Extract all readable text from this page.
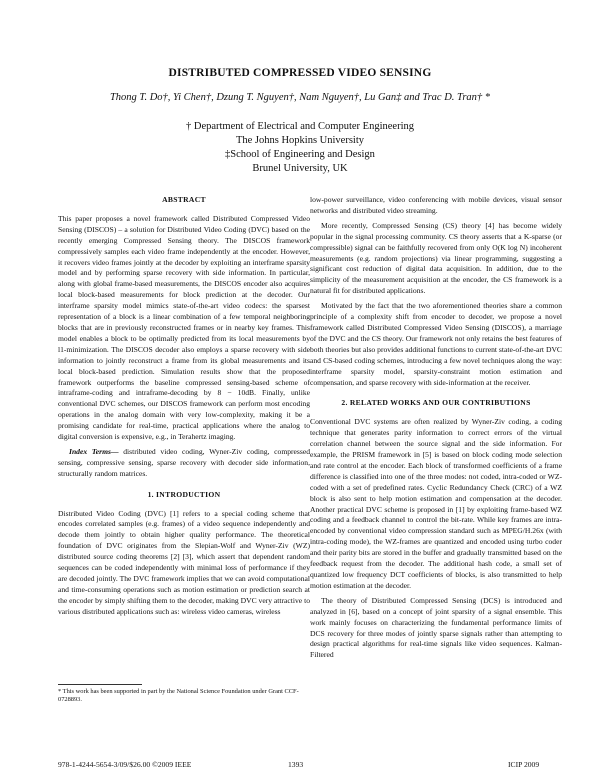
DISTRIBUTED COMPRESSED VIDEO SENSING
Thong T. Do†, Yi Chen†, Dzung T. Nguyen†, Nam Nguyen†, Lu Gan‡ and Trac D. Tran† *
† Department of Electrical and Computer Engineering
The Johns Hopkins University
‡School of Engineering and Design
Brunel University, UK
ABSTRACT

This paper proposes a novel framework called Distributed Compressed Video Sensing (DISCOS) – a solution for Distributed Video Coding (DVC) based on the recently emerging Compressed Sensing theory. The DISCOS framework compressively samples each video frame independently at the encoder. However, it recovers video frames jointly at the decoder by exploiting an interframe sparsity model and by performing sparse recovery with side information. In particular, along with global frame-based measurements, the DISCOS encoder also acquires local block-based measurements for block prediction at the decoder. Our interframe sparsity model mimics state-of-the-art video codecs: the sparsest representation of a block is a linear combination of a few temporal neighboring blocks that are in previously reconstructed frames or in nearby key frames. This model enables a block to be optimally predicted from its local measurements by l1-minimization. The DISCOS decoder also employs a sparse recovery with side information to jointly reconstruct a frame from its global measurements and its local block-based prediction. Simulation results show that the proposed framework outperforms the baseline compressed sensing-based scheme of intraframe-coding and intraframe-decoding by 8 − 10dB. Finally, unlike conventional DVC schemes, our DISCOS framework can perform most encoding operations in the analog domain with very low-complexity, making it be a promising candidate for real-time, practical applications where the analog to digital conversion is expensive, e.g., in Terahertz imaging.

Index Terms— distributed video coding, Wyner-Ziv coding, compressed sensing, compressive sensing, sparse recovery with decoder side information, structurally random matrices.

1. INTRODUCTION

Distributed Video Coding (DVC) [1] refers to a special coding scheme that encodes correlated samples (e.g. frames) of a video sequence independently and decode them jointly to obtain higher quality performance. The theoretical foundation of DVC originates from the Slepian-Wolf and Wyner-Ziv (WZ) distributed source coding theorems [2] [3], which assert that dependent random sequences can be coded independently with minimal loss of performance if they are decoded jointly. The DVC framework implies that we can avoid computational and time-consuming operations such as motion estimation or prediction search at the encoder by simply shifting them to the decoder, making DVC very attractive to various distributed applications such as: wireless video cameras, wireless

* This work has been supported in part by the National Science Foundation under Grant CCF-0728893.

low-power surveillance, video conferencing with mobile devices, visual sensor networks and distributed video streaming.

More recently, Compressed Sensing (CS) theory [4] has become widely popular in the signal processing community. CS theory asserts that a K-sparse (or compressible) signal can be faithfully recovered from only O(K log N) incoherent measurements (e.g. random projections) via linear programming, suggesting a significant cost reduction of digital data acquisition. In addition, due to the simplicity of the measurement acquisition at the encoder, the CS framework is a natural fit for distributed applications.

Motivated by the fact that the two aforementioned theories share a common principle of a complexity shift from encoder to decoder, we propose a novel framework called Distributed Compressed Video Sensing (DISCOS), a marriage of the DVC and the CS theory. Our framework not only retains the best features of both theories but also provides additional functions to current state-of-the-art DVC and CS-based coding schemes, introducing a few novel techniques along the way: interframe sparsity model, sparsity-constraint motion estimation and compensation, and sparse recovery with side-information at the receiver.

2. RELATED WORKS AND OUR CONTRIBUTIONS

Conventional DVC systems are often realized by Wyner-Ziv coding, a coding technique that generates parity information to correct errors of the virtual correlation channel between the source signal and the side information. For example, the PRISM framework in [5] is based on block coding mode selection and rate control at the encoder. Each block of transformed coefficients of a frame difference is classified into one of the three modes: not coded, intra-coded or WZ-coded with a set of predefined rates. Cyclic Redundancy Check (CRC) of a WZ block is also sent to help motion estimation and compensation at the decoder. Another practical DVC scheme is proposed in [1] by exploiting frame-based WZ coding and a feedback channel to control the bit-rate. While key frames are intra-encoded by conventional video compression standard such as MPEG/H.26x (with intra-coding mode), the WZ-frames are quantized and encoded using turbo coder and their parity bits are stored in the buffer and gradually transmitted based on the feedback request from the decoder. The additional hash code, a small set of quantized low frequency DCT coefficients of blocks, is also transmitted to help motion estimation at the decoder.

The theory of Distributed Compressed Sensing (DCS) is introduced and analyzed in [6], based on a concept of joint sparsity of a signal ensemble. This work mainly focuses on characterizing the fundamental performance limits of DCS recovery for three modes of jointly sparse signals rather than attempting to design practical algorithms for real-time signals like video sequences. Kalman-Filtered

978-1-4244-5654-3/09/$26.00 ©2009 IEEE	1393	ICIP 2009
